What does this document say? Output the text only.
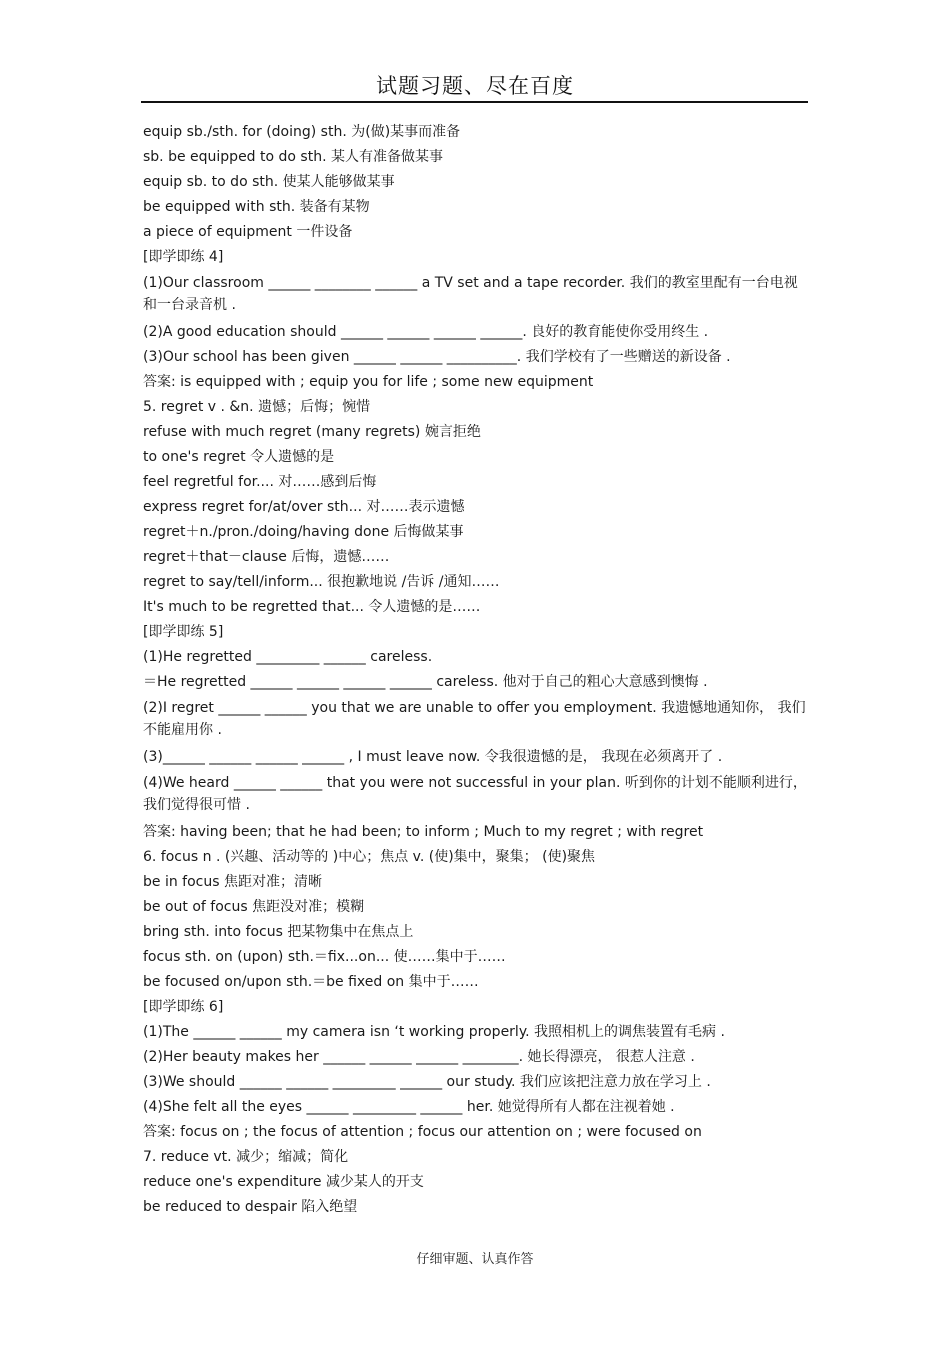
试题习题、尽在百度
equip sb./sth. for (doing) sth. 为(做)某事而准备
sb. be equipped to do sth. 某人有准备做某事
equip sb. to do sth. 使某人能够做某事
be equipped with sth. 装备有某物
a piece of equipment 一件设备
[即学即练 4]
(1)Our classroom ______ ________ ______ a TV set and a tape recorder. 我们的教室里配有一台电视和一台录音机 .
(2)A good education should ______ ______ ______ ______. 良好的教育能使你受用终生 .
(3)Our school has been given ______ ______ __________. 我们学校有了一些赠送的新设备 .
答案: is equipped with ; equip you for life ; some new equipment
5. regret v . &n. 遗憾；后悔；惋惜
refuse with much regret (many regrets) 婉言拒绝
to one's regret 令人遗憾的是
feel regretful for.... 对……感到后悔
express regret for/at/over sth... 对……表示遗憾
regret＋n./pron./doing/having done 后悔做某事
regret＋that－clause 后悔，遗憾……
regret to say/tell/inform... 很抱歉地说 /告诉 /通知……
It's much to be regretted that... 令人遗憾的是……
[即学即练 5]
(1)He regretted _________ ______ careless.
＝He regretted ______ ______ ______ ______ careless. 他对于自己的粗心大意感到懊悔 .
(2)I regret ______ ______ you that we are unable to offer you employment. 我遗憾地通知你， 我们不能雇用你 .
(3)______ ______ ______ ______ , I must leave now. 令我很遗憾的是， 我现在必须离开了 .
(4)We heard ______ ______ that you were not successful in your plan. 听到你的计划不能顺利进行，我们觉得很可惜 .
答案: having been; that he had been; to inform ; Much to my regret ; with regret
6. focus n . (兴趣、活动等的 )中心；焦点 v. (使)集中，聚集； (使)聚焦
be in focus 焦距对准；清晰
be out of focus 焦距没对准；模糊
bring sth. into focus 把某物集中在焦点上
focus sth. on (upon) sth.＝fix...on... 使……集中于……
be focused on/upon sth.＝be fixed on 集中于……
[即学即练 6]
(1)The ______ ______ my camera isn ‘t working properly. 我照相机上的调焦装置有毛病 .
(2)Her beauty makes her ______ ______ ______ ________. 她长得漂亮， 很惹人注意 .
(3)We should ______ ______ _________ ______ our study. 我们应该把注意力放在学习上 .
(4)She felt all the eyes ______ _________ ______ her. 她觉得所有人都在注视着她 .
答案: focus on ; the focus of attention ; focus our attention on ; were focused on
7. reduce vt. 减少；缩减；简化
reduce one's expenditure 减少某人的开支
be reduced to despair 陷入绝望
仔细审题、认真作答
